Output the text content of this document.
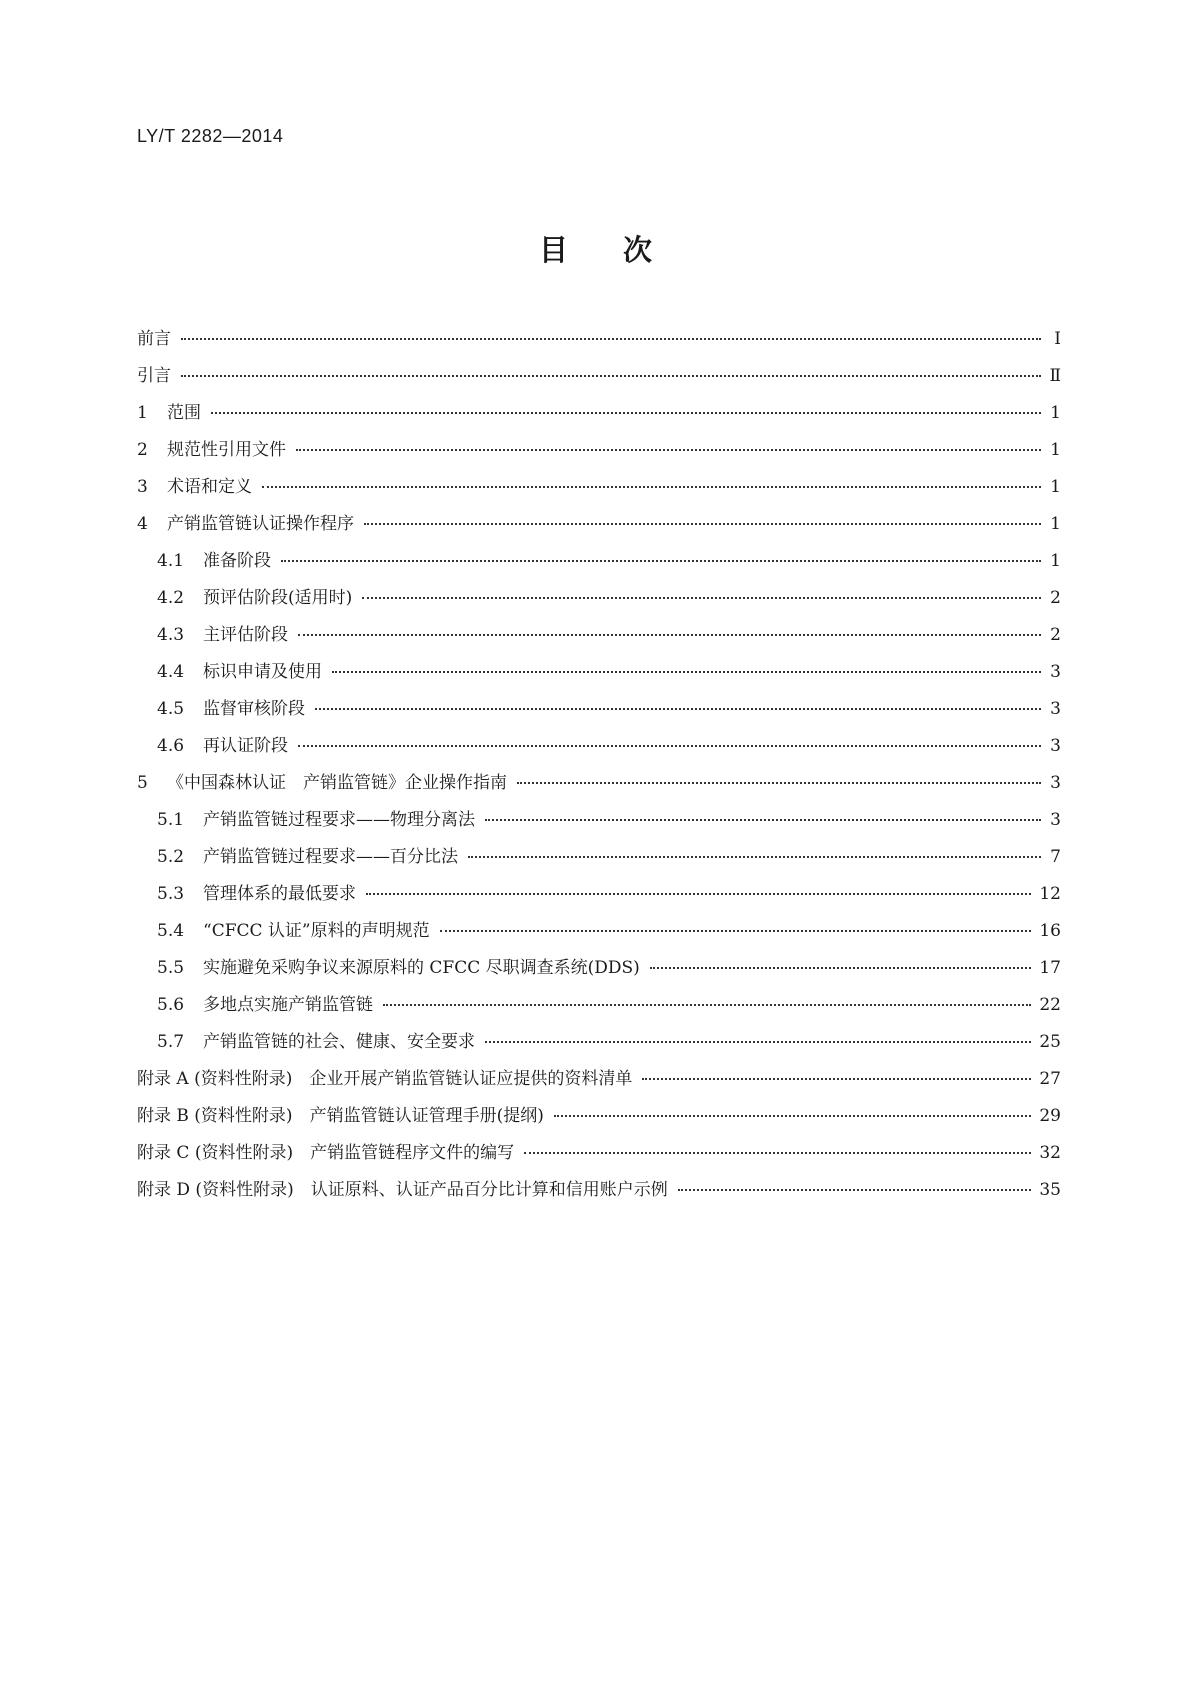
LY/T 2282—2014
目次
前言	Ⅰ
引言	Ⅱ
1	范围	1
2	规范性引用文件	1
3	术语和定义	1
4	产销监管链认证操作程序	1
4.1 准备阶段	1
4.2 预评估阶段(适用时)	2
4.3 主评估阶段	2
4.4 标识申请及使用	3
4.5 监督审核阶段	3
4.6 再认证阶段	3
5	《中国森林认证　产销监管链》企业操作指南	3
5.1 产销监管链过程要求——物理分离法	3
5.2 产销监管链过程要求——百分比法	7
5.3 管理体系的最低要求	12
5.4 “CFCC 认证”原料的声明规范	16
5.5 实施避免采购争议来源原料的 CFCC 尽职调查系统(DDS)	17
5.6 多地点实施产销监管链	22
5.7 产销监管链的社会、健康、安全要求	25
附录 A (资料性附录)　企业开展产销监管链认证应提供的资料清单	27
附录 B (资料性附录)　产销监管链认证管理手册(提纲)	29
附录 C (资料性附录)　产销监管链程序文件的编写	32
附录 D (资料性附录)　认证原料、认证产品百分比计算和信用账户示例	35
